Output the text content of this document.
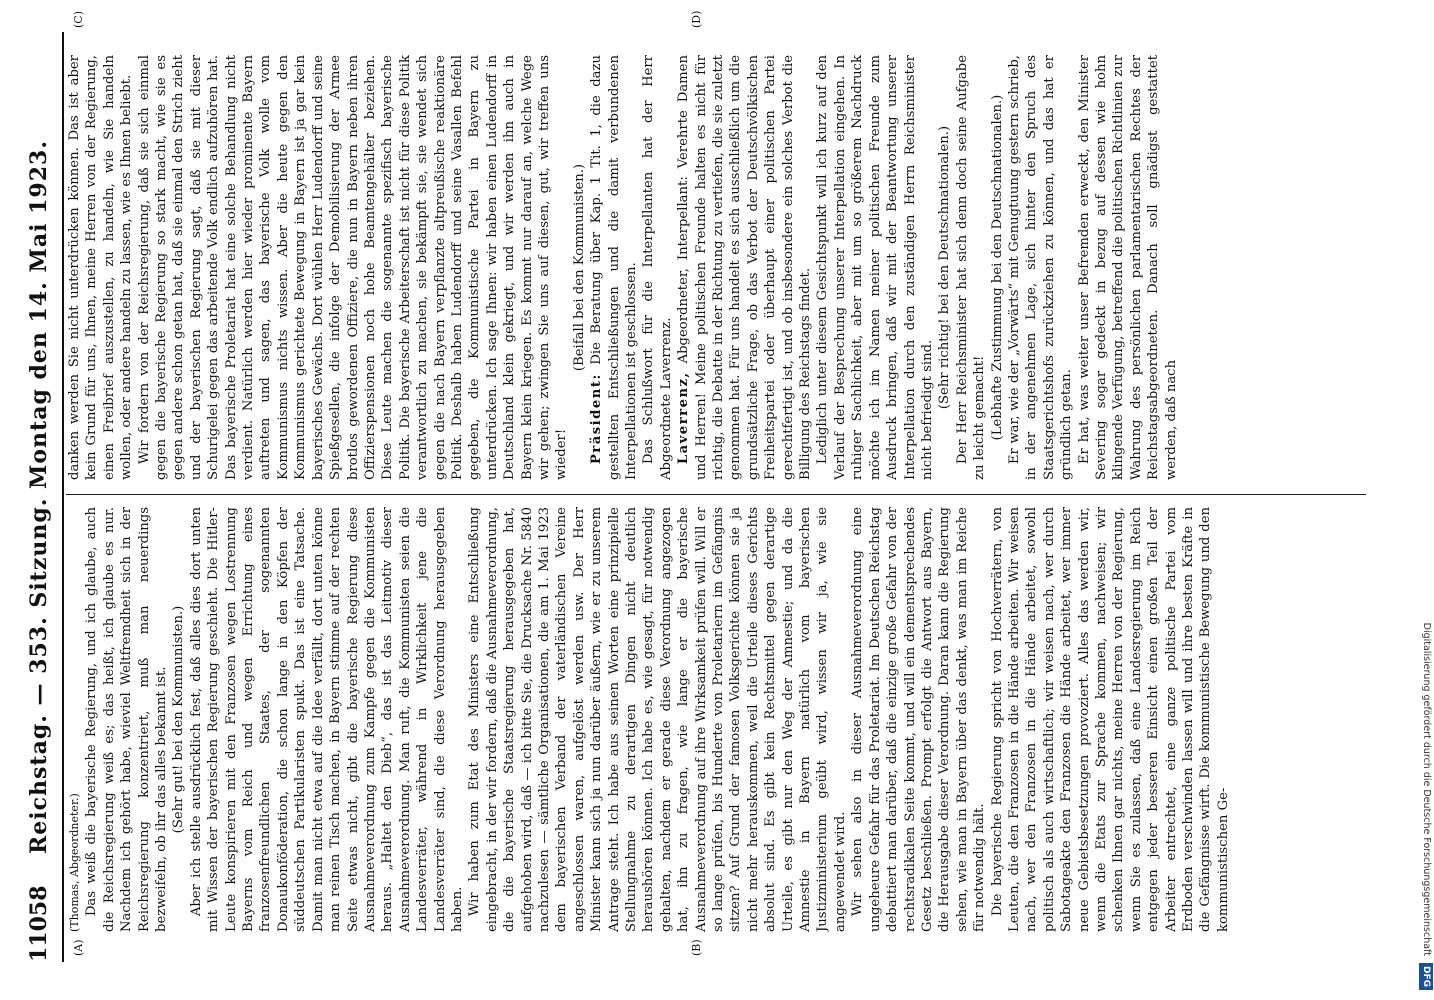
11058
Reichstag. — 353. Sitzung. Montag den 14. Mai 1923.
(A)	(B)
(C)	(D)

(Thomas, Abgeordneter.) Das weiß die bayerische Regierung, und ich glaube, auch die Reichsregierung weiß es; das heißt, ich glaube es nur. Nachdem ich gehört habe, wieviel Weltfremdheit sich in der Reichsregierung konzentriert, muß man neuerdings bezweifeln, ob ihr das alles bekannt ist. (Sehr gut! bei den Kommunisten.) Aber ich stelle ausdrücklich fest, daß alles dies dort unten mit Wissen der bayerischen Regierung geschieht. Die Hitler-Leute konspirieren mit den Franzosen wegen Lostrennung Bayerns vom Reich und wegen Errichtung eines franzosenfreundlichen Staates, der sogenannten Donaukonföderation, die schon lange in den Köpfen der süddeutschen Partikularisten spukt. Das ist eine Tatsache. Damit man nicht etwa auf die Idee verfällt, dort unten könne man reinen Tisch machen, in Bayern stimme auf der rechten Seite etwas nicht, gibt die bayerische Regierung diese Ausnahmeverordnung zum Kampfe gegen die Kommunisten heraus. „Haltet den Dieb“, das ist das Leitmotiv dieser Ausnahmeverordnung. Man ruft, die Kommunisten seien die Landesverräter, während in Wirklichkeit jene die Landesverräter sind, die diese Verordnung herausgegeben haben. Wir haben zum Etat des Ministers eine Entschließung eingebracht, in der wir fordern, daß die Ausnahmeverordnung, die die bayerische Staatsregierung herausgegeben hat, aufgehoben wird, daß — ich bitte Sie, die Drucksache Nr. 5840 nachzulesen — sämtliche Organisationen, die am 1. Mai 1923 dem bayerischen Verband der vaterländischen Vereine angeschlossen waren, aufgelöst werden usw. Der Herr Minister kann sich ja nun darüber äußern, wie er zu unserem Antrage steht. Ich habe aus seinen Worten eine prinzipielle Stellungnahme zu derartigen Dingen nicht deutlich heraushören können. Ich habe es, wie gesagt, für notwendig gehalten, nachdem er gerade diese Verordnung angezogen hat, ihn zu fragen, wie lange er die bayerische Ausnahmeverordnung auf ihre Wirksamkeit prüfen will. Will er so lange prüfen, bis Hunderte von Proletariern im Gefängnis sitzen? Auf Grund der famosen Volksgerichte können sie ja nicht mehr herauskommen, weil die Urteile dieses Gerichts absolut sind. Es gibt kein Rechtsmittel gegen derartige Urteile, es gibt nur den Weg der Amnestie; und da die Amnestie in Bayern natürlich vom bayerischen Justizministerium geübt wird, wissen wir ja, wie sie angewendet wird. Wir sehen also in dieser Ausnahmeverordnung eine ungeheure Gefahr für das Proletariat. Im Deutschen Reichstag debattiert man darüber, daß die einzige große Gefahr von der rechtsradikalen Seite kommt, und will ein dementsprechendes Gesetz beschließen. Prompt erfolgt die Antwort aus Bayern, die Herausgabe dieser Verordnung. Daran kann die Regierung sehen, wie man in Bayern über das denkt, was man im Reiche für notwendig hält. Die bayerische Regierung spricht von Hochverrätern, von Leuten, die den Franzosen in die Hände arbeiten. Wir weisen nach, wer den Franzosen in die Hände arbeitet, sowohl politisch als auch wirtschaftlich; wir weisen nach, wer durch Sabotageakte den Franzosen die Hände arbeitet, wer immer neue Gebietsbesetzungen provoziert. Alles das werden wir, wenn die Etats zur Sprache kommen, nachweisen; wir schenken Ihnen gar nichts, meine Herren von der Regierung, wenn Sie es zulassen, daß eine Landesregierung im Reich entgegen jeder besseren Einsicht einen großen Teil der Arbeiter entrechtet, eine ganze politische Partei vom Erdboden verschwinden lassen will und ihre besten Kräfte in die Gefängnisse wirft. Die kommunistische Bewegung und den kommunistischen Ge-

danken werden Sie nicht unterdrücken können. Das ist aber kein Grund für uns, Ihnen, meine Herren von der Regierung, einen Freibrief auszustellen, zu handeln, wie Sie handeln wollen, oder andere handeln zu lassen, wie es Ihnen beliebt. Wir fordern von der Reichsregierung, daß sie sich einmal gegen die bayerische Regierung so stark macht, wie sie es gegen andere schon getan hat, daß sie einmal den Strich zieht und der bayerischen Regierung sagt, daß sie mit dieser Schurigelei gegen das arbeitende Volk endlich aufzuhören hat. Das bayerische Proletariat hat eine solche Behandlung nicht verdient. Natürlich werden hier wieder prominente Bayern auftreten und sagen, das bayerische Volk wolle vom Kommunismus nichts wissen. Aber die heute gegen den Kommunismus gerichtete Bewegung in Bayern ist ja gar kein bayerisches Gewächs. Dort wühlen Herr Ludendorff und seine Spießgesellen, die infolge der Demobilisierung der Armee brotlos gewordenen Offiziere, die nun in Bayern neben ihren Offizierspensionen noch hohe Beamtengehälter beziehen. Diese Leute machen die sogenannte spezifisch bayerische Politik. Die bayerische Arbeiterschaft ist nicht für diese Politik verantwortlich zu machen, sie bekämpft sie, sie wendet sich gegen die nach Bayern verpflanzte altpreußische reaktionäre Politik. Deshalb haben Ludendorff und seine Vasallen Befehl gegeben, die Kommunistische Partei in Bayern zu unterdrücken. Ich sage Ihnen: wir haben einen Ludendorff in Deutschland klein gekriegt, und wir werden ihn auch in Bayern klein kriegen. Es kommt nur darauf an, welche Wege wir gehen; zwingen Sie uns auf diesen, gut, wir treffen uns wieder!

(Beifall bei den Kommunisten.)

Präsident: Die Beratung über Kap. 1 Tit. 1, die dazu gestellten Entschließungen und die damit verbundenen Interpellationen ist geschlossen. Das Schlußwort für die Interpellanten hat der Herr Abgeordnete Laverrenz. Laverrenz, Abgeordneter, Interpellant: Verehrte Damen und Herren! Meine politischen Freunde halten es nicht für richtig, die Debatte in der Richtung zu vertiefen, die sie zuletzt genommen hat. Für uns handelt es sich ausschließlich um die grundsätzliche Frage, ob das Verbot der Deutschvölkischen Freiheitspartei oder überhaupt einer politischen Partei gerechtfertigt ist, und ob insbesondere ein solches Verbot die Billigung des Reichstags findet. Lediglich unter diesem Gesichtspunkt will ich kurz auf den Verlauf der Besprechung unserer Interpellation eingehen. In ruhiger Sachlichkeit, aber mit um so größerem Nachdruck möchte ich im Namen meiner politischen Freunde zum Ausdruck bringen, daß wir mit der Beantwortung unserer Interpellation durch den zuständigen Herrn Reichsminister nicht befriedigt sind.

(Sehr richtig! bei den Deutschnationalen.) Der Herr Reichsminister hat sich denn doch seine Aufgabe zu leicht gemacht! (Lebhafte Zustimmung bei den Deutschnationalen.) Er war, wie der „Vorwärts“ mit Genugtuung gestern schrieb, in der angenehmen Lage, sich hinter den Spruch des Staatsgerichtshofs zurückziehen zu können, und das hat er gründlich getan. Er hat, was weiter unser Befremden erweckt, den Minister Severing sogar gedeckt in bezug auf dessen wie hohn klingende Verfügung, betreffend die politischen Richtlinien zur Wahrung des persönlichen parlamentarischen Rechtes der Reichstagsabgeordneten. Danach soll gnädigst gestattet werden, daß nach

Digitalisierung gefördert durch die Deutsche Forschungsgemeinschaft DFG
